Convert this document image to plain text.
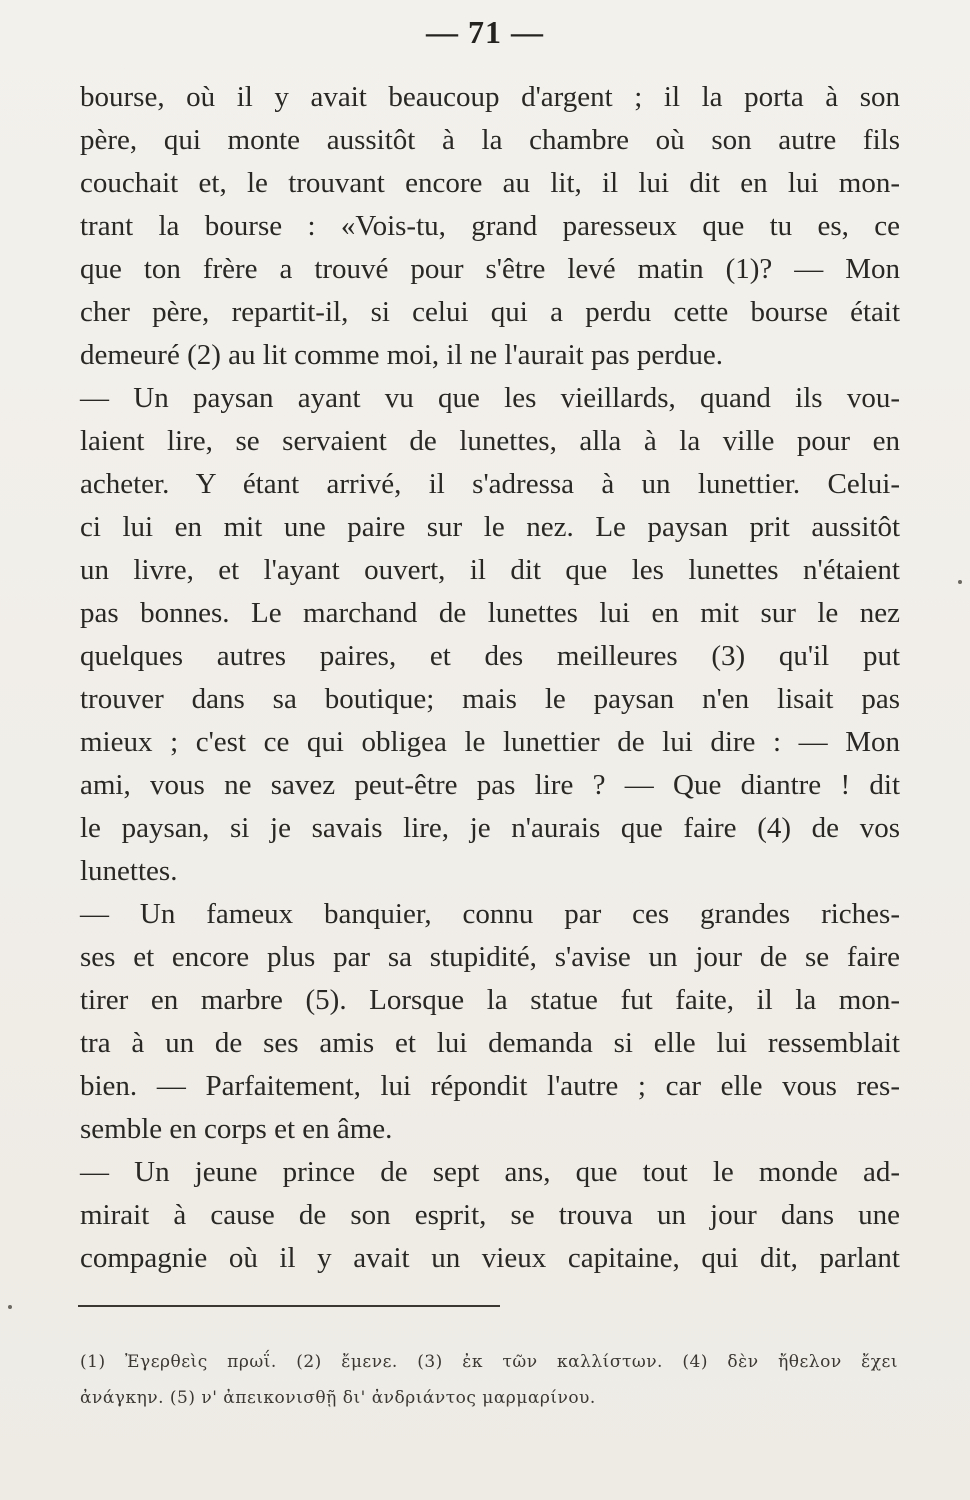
— 71 —
bourse, où il y avait beaucoup d'argent ; il la porta à son
père, qui monte aussitôt à la chambre où son autre fils
couchait et, le trouvant encore au lit, il lui dit en lui mon-
trant la bourse : «Vois-tu, grand paresseux que tu es, ce
que ton frère a trouvé pour s'être levé matin (1)? — Mon
cher père, repartit-il, si celui qui a perdu cette bourse était
demeuré (2) au lit comme moi, il ne l'aurait pas perdue.
— Un paysan ayant vu que les vieillards, quand ils vou-
laient lire, se servaient de lunettes, alla à la ville pour en
acheter. Y étant arrivé, il s'adressa à un lunettier. Celui-
ci lui en mit une paire sur le nez. Le paysan prit aussitôt
un livre, et l'ayant ouvert, il dit que les lunettes n'étaient
pas bonnes. Le marchand de lunettes lui en mit sur le nez
quelques autres paires, et des meilleures (3) qu'il put
trouver dans sa boutique; mais le paysan n'en lisait pas
mieux ; c'est ce qui obligea le lunettier de lui dire : — Mon
ami, vous ne savez peut-être pas lire ? — Que diantre ! dit
le paysan, si je savais lire, je n'aurais que faire (4) de vos
lunettes.
— Un fameux banquier, connu par ces grandes riches-
ses et encore plus par sa stupidité, s'avise un jour de se faire
tirer en marbre (5). Lorsque la statue fut faite, il la mon-
tra à un de ses amis et lui demanda si elle lui ressemblait
bien. — Parfaitement, lui répondit l'autre ; car elle vous res-
semble en corps et en âme.
— Un jeune prince de sept ans, que tout le monde ad-
mirait à cause de son esprit, se trouva un jour dans une
compagnie où il y avait un vieux capitaine, qui dit, parlant
(1) Ἐγερθεὶς πρωΐ. (2) ἔμενε. (3) ἐκ τῶν καλλίστων. (4) δὲν ἤθελον ἔχει
ἀνάγκην. (5) ν' ἀπεικονισθῇ δι' ἀνδριάντος μαρμαρίνου.
